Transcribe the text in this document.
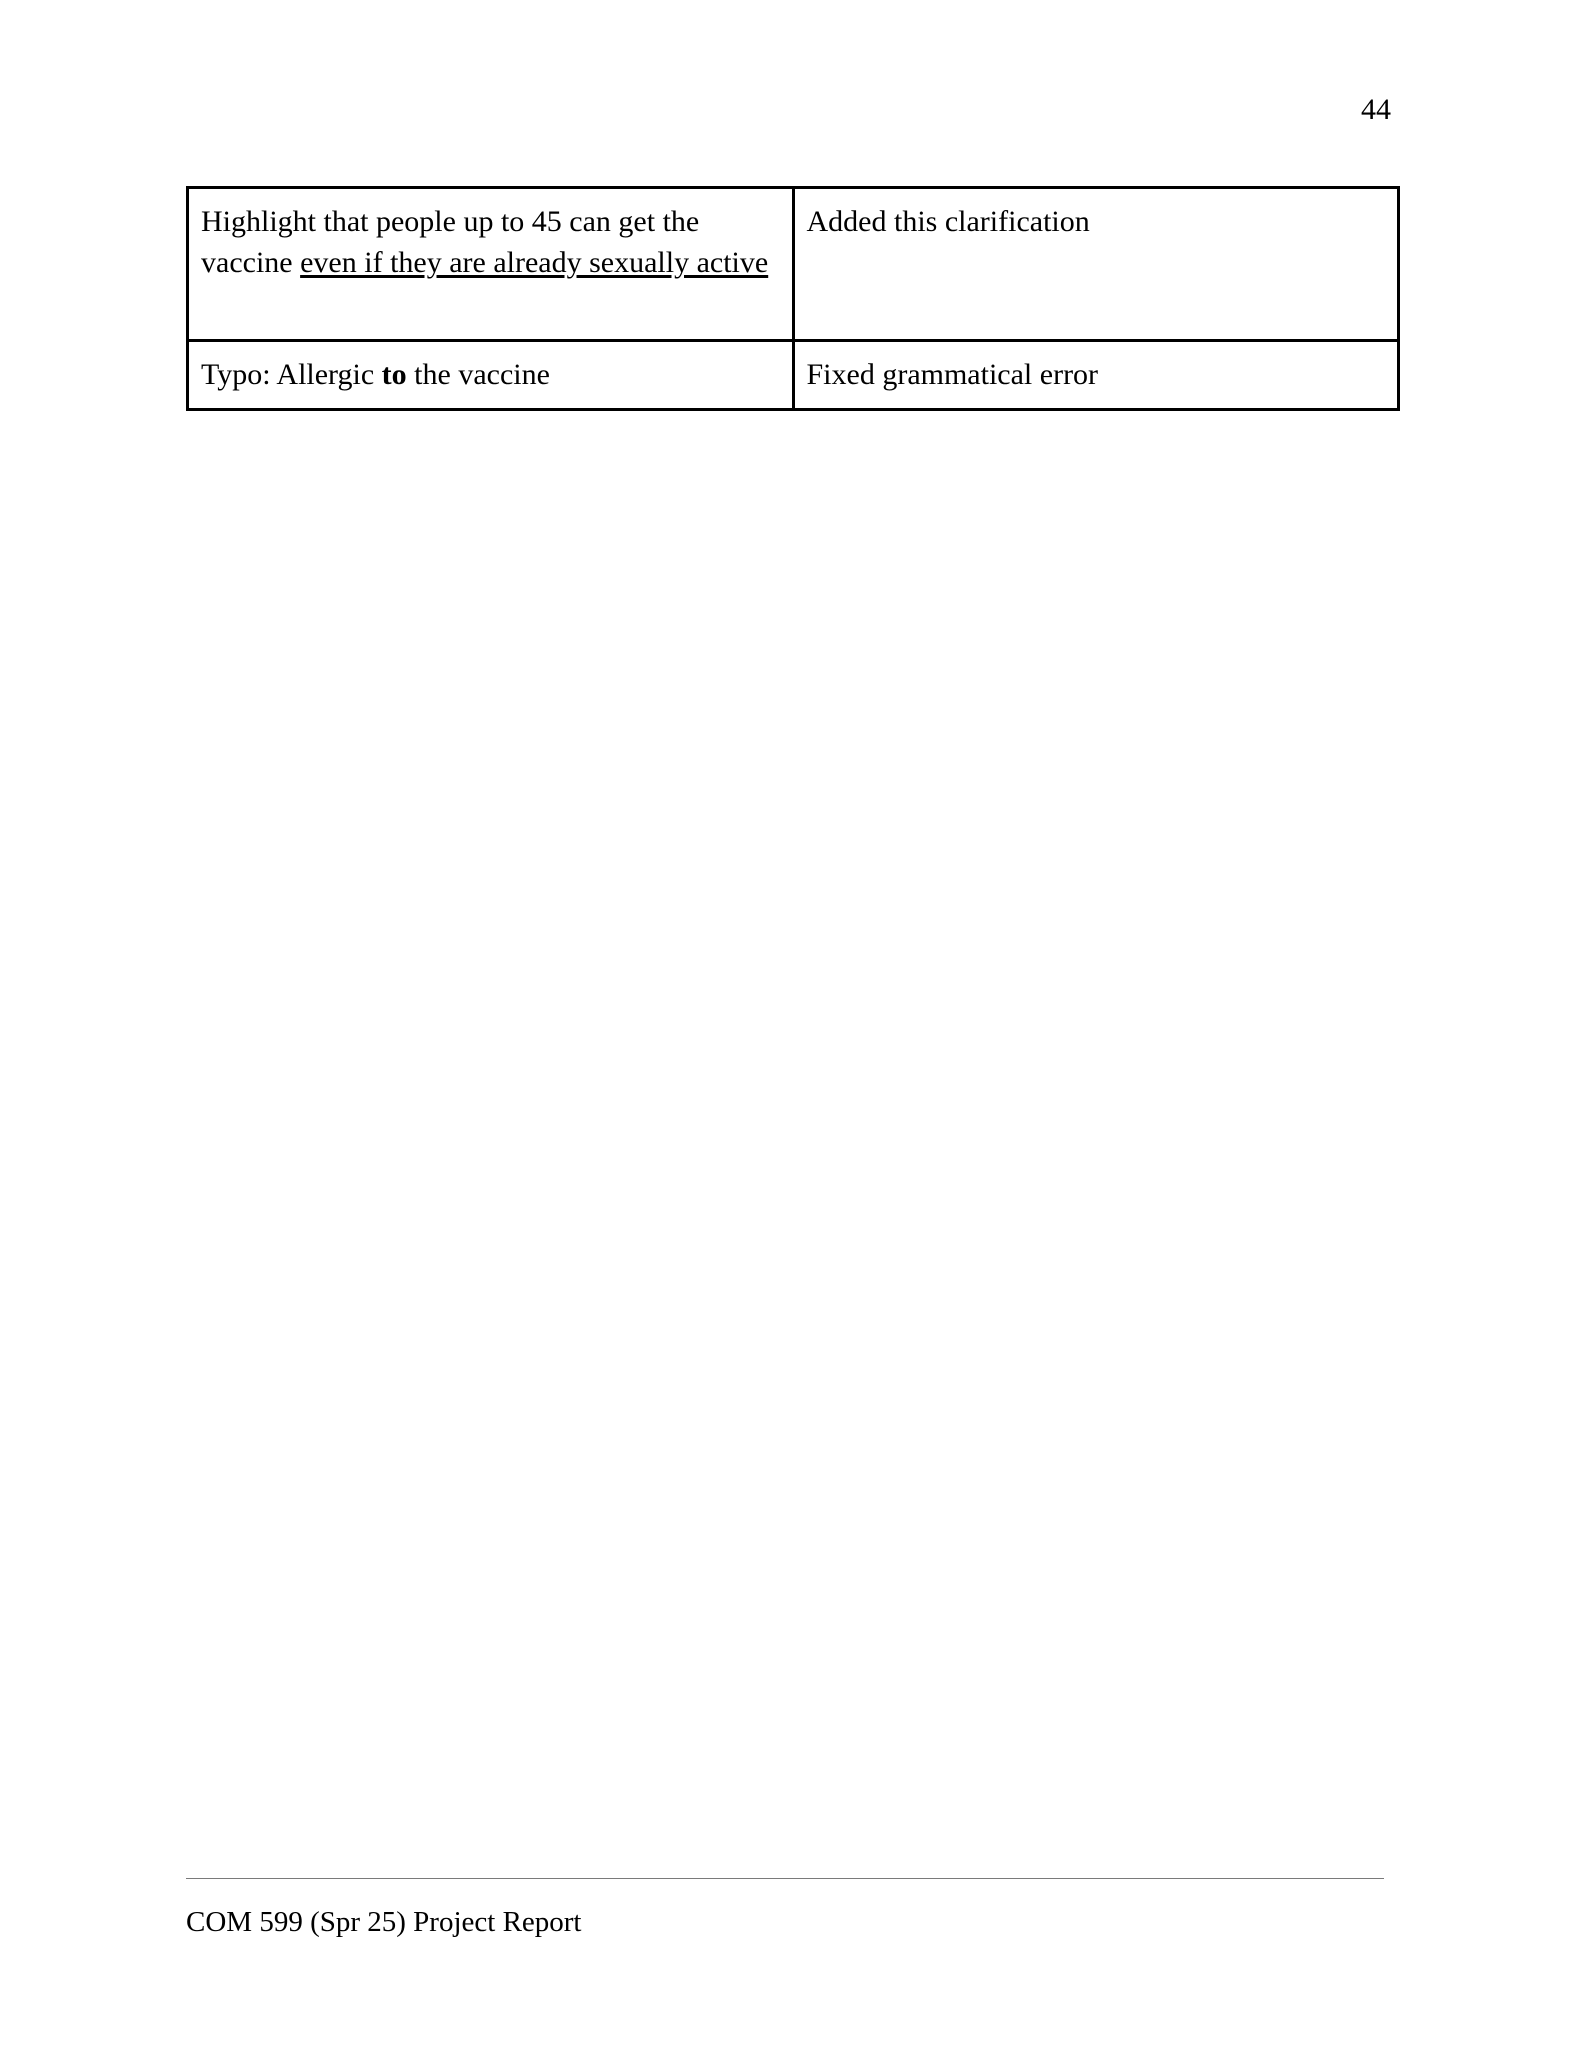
44
Highlight that people up to 45 can get the vaccine even if they are already sexually active	Added this clarification
Typo: Allergic to the vaccine	Fixed grammatical error
COM 599 (Spr 25) Project Report
